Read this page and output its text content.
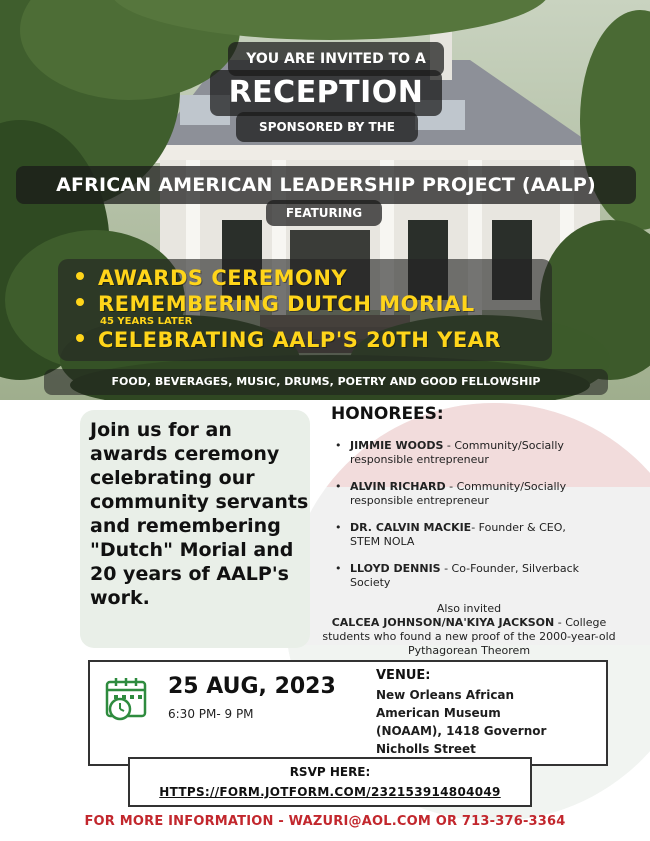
YOU ARE INVITED TO A
RECEPTION
SPONSORED BY THE
AFRICAN AMERICAN LEADERSHIP PROJECT (AALP)
FEATURING
AWARDS CEREMONY
REMEMBERING DUTCH MORIAL
45 YEARS LATER
CELEBRATING AALP'S 20TH YEAR
FOOD, BEVERAGES, MUSIC, DRUMS, POETRY AND GOOD FELLOWSHIP
Join us for an awards ceremony celebrating our community servants and remembering "Dutch" Morial and 20 years of AALP's work.
HONOREES:
• JIMMIE WOODS - Community/Socially responsible entrepreneur
• ALVIN RICHARD - Community/Socially responsible entrepreneur
• DR. CALVIN MACKIE- Founder & CEO, STEM NOLA
• LLOYD DENNIS - Co-Founder, Silverback Society
Also invited
CALCEA JOHNSON/NA'KIYA JACKSON - College students who found a new proof of the 2000-year-old Pythagorean Theorem
25 AUG, 2023
6:30 PM- 9 PM
VENUE:
New Orleans African American Museum (NOAAM), 1418 Governor Nicholls Street
RSVP HERE:
HTTPS://FORM.JOTFORM.COM/23215391480404​9
FOR MORE INFORMATION - WAZURI@AOL.COM OR 713-376-3364
